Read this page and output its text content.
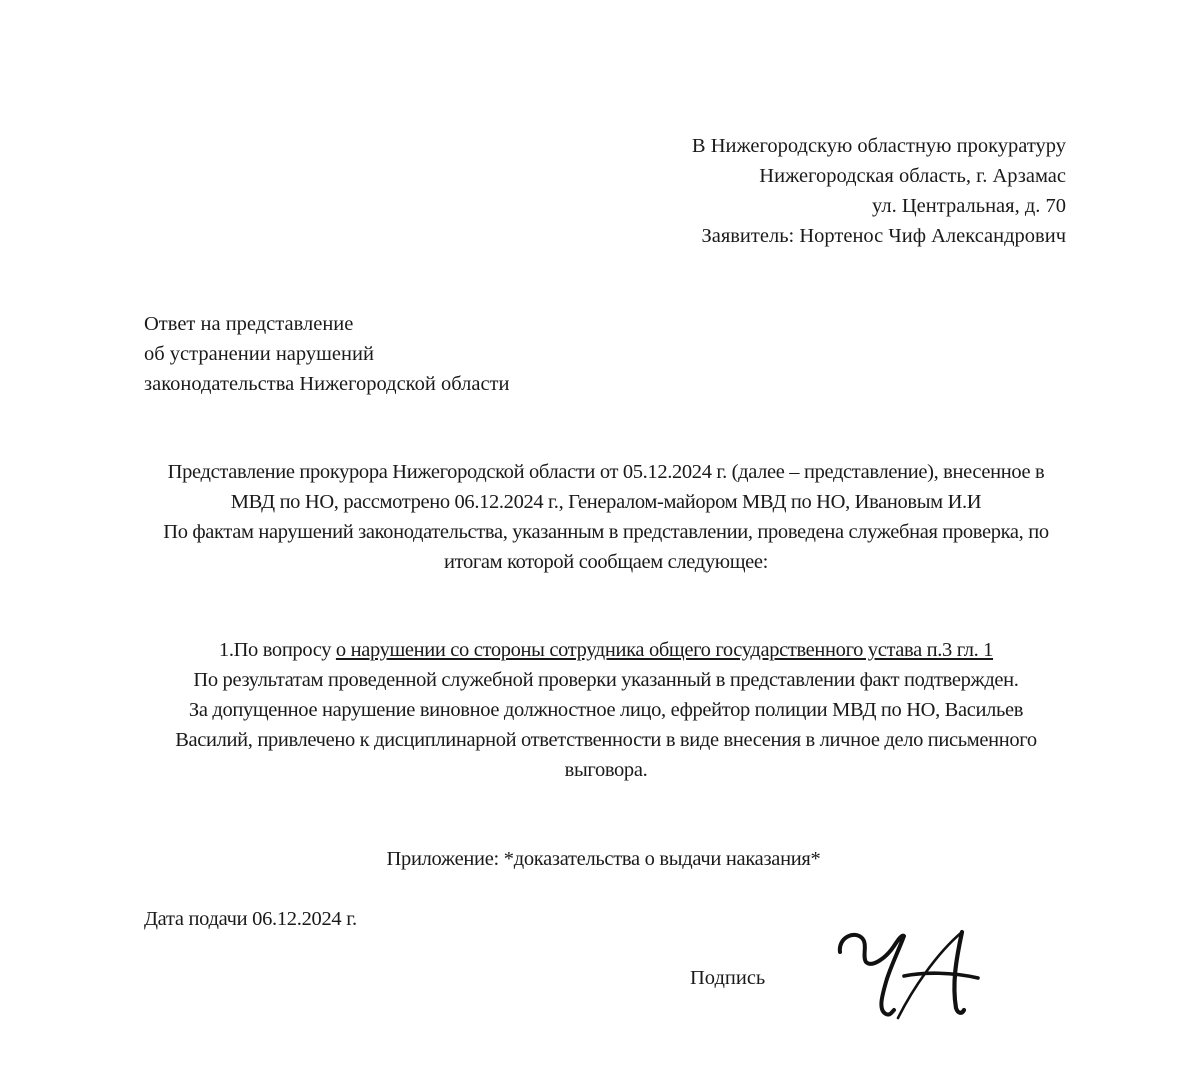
В Нижегородскую областную прокуратуру
Нижегородская область, г. Арзамас
ул. Центральная, д. 70
Заявитель: Нортенос Чиф Александрович
Ответ на представление
об устранении нарушений
законодательства Нижегородской области

Представление прокурора Нижегородской области от 05.12.2024 г. (далее – представление), внесенное в МВД по НО, рассмотрено 06.12.2024 г., Генералом-майором МВД по НО, Ивановым И.И

По фактам нарушений законодательства, указанным в представлении, проведена служебная проверка, по итогам которой сообщаем следующее:

1.По вопросу о нарушении со стороны сотрудника общего государственного устава п.3 гл. 1

По результатам проведенной служебной проверки указанный в представлении факт подтвержден.

За допущенное нарушение виновное должностное лицо, ефрейтор полиции МВД по НО, Васильев Василий, привлечено к дисциплинарной ответственности в виде внесения в личное дело письменного выговора.

Приложение: *доказательства о выдачи наказания*
Дата подачи 06.12.2024 г.
Подпись
